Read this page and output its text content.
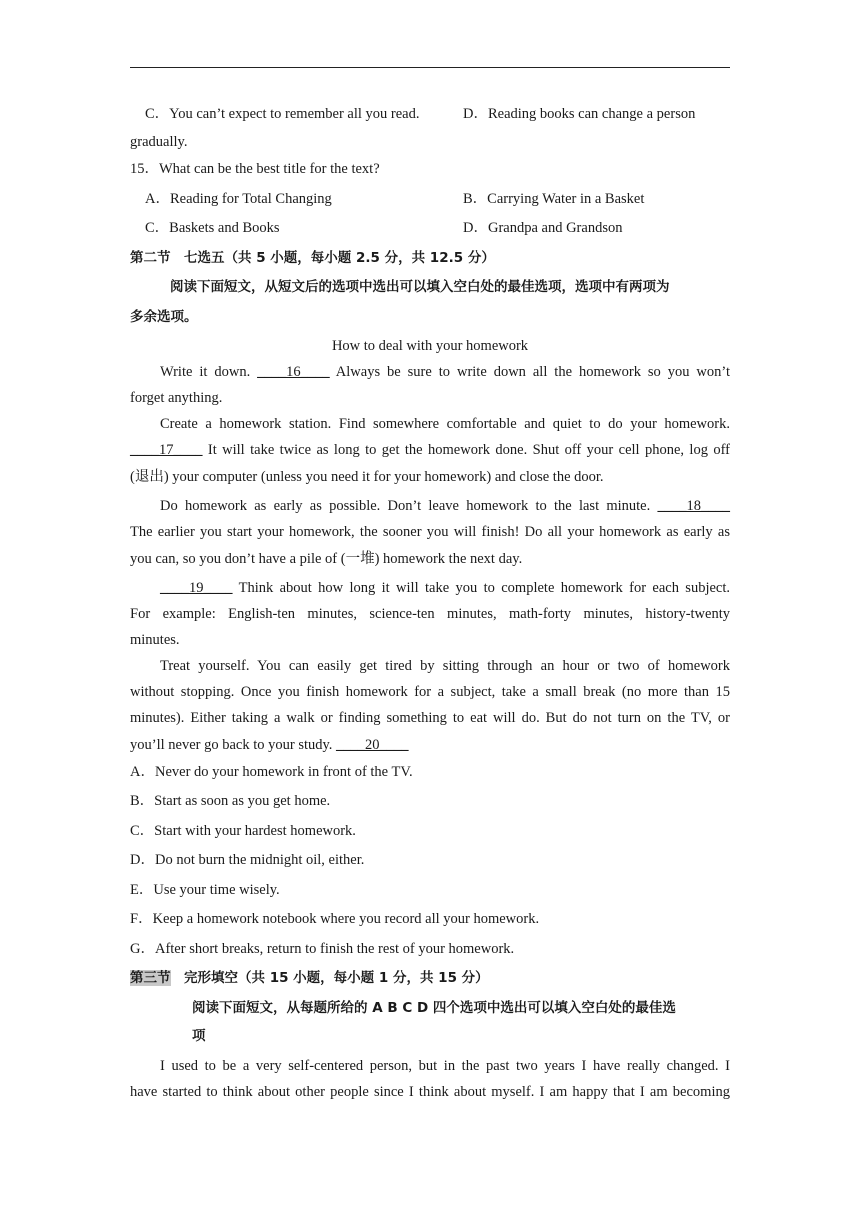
C．You can’t expect to remember all you read.	D．Reading books can change a person
gradually.
15．What can be the best title for the text?
A．Reading for Total Changing	B．Carrying Water in a Basket
C．Baskets and Books	D．Grandpa and Grandson
第二节　七选五（共 5 小题，每小题 2.5 分，共 12.5 分）
阅读下面短文，从短文后的选项中选出可以填入空白处的最佳选项，选项中有两项为
多余选项。
How to deal with your homework
Write it down. ____16____ Always be sure to write down all the homework so you won’t
forget anything.
Create a homework station. Find somewhere comfortable and quiet to do your homework.
____17____ It will take twice as long to get the homework done. Shut off your cell phone, log off
(退出) your computer (unless you need it for your homework) and close the door.
Do homework as early as possible. Don’t leave homework to the last minute. ____18____
The earlier you start your homework, the sooner you will finish! Do all your homework as early as
you can, so you don’t have a pile of (一堆) homework the next day.
____19____ Think about how long it will take you to complete homework for each subject.
For example: English-ten minutes, science-ten minutes, math-forty minutes, history-twenty
minutes.
Treat yourself. You can easily get tired by sitting through an hour or two of homework
without stopping. Once you finish homework for a subject, take a small break (no more than 15
minutes). Either taking a walk or finding something to eat will do. But do not turn on the TV, or
you’ll never go back to your study. ____20____
A．Never do your homework in front of the TV.
B．Start as soon as you get home.
C．Start with your hardest homework.
D．Do not burn the midnight oil, either.
E．Use your time wisely.
F．Keep a homework notebook where you record all your homework.
G．After short breaks, return to finish the rest of your homework.
第三节　完形填空（共 15 小题，每小题 1 分，共 15 分）
阅读下面短文，从每题所给的 A B C D 四个选项中选出可以填入空白处的最佳选
项
I used to be a very self-centered person, but in the past two years I have really changed. I
have started to think about other people since I think about myself. I am happy that I am becoming
